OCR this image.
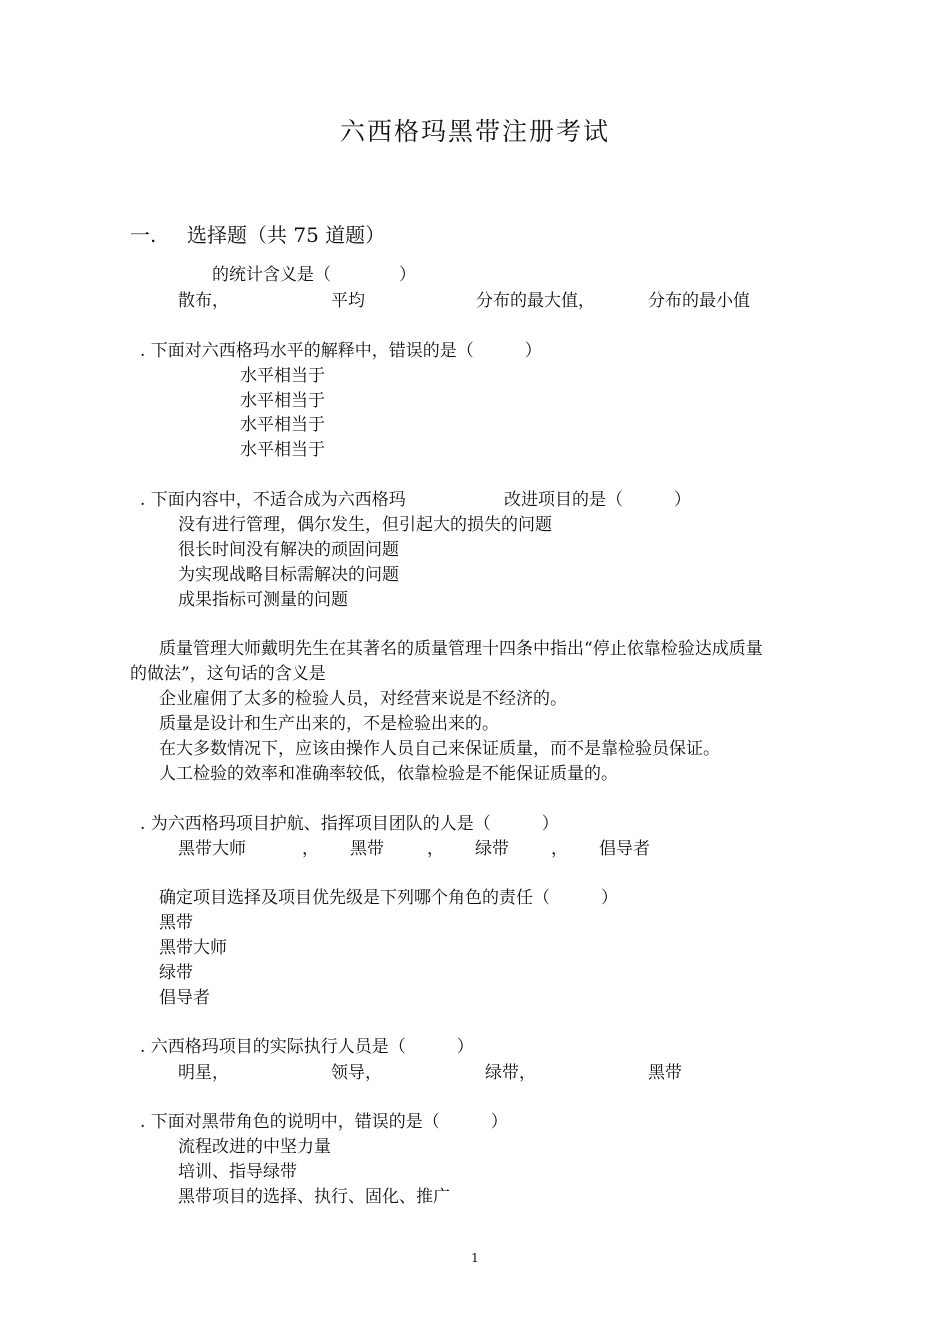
六西格玛黑带注册考试
一. 选择题（共 75 道题）
的统计含义是（　　　　）
散布，	平均	分布的最大值，	分布的最小值
. 下面对六西格玛水平的解释中，错误的是（　　　）
水平相当于
水平相当于
水平相当于
水平相当于
. 下面内容中，不适合成为六西格玛	改进项目的是（　　　）
没有进行管理，偶尔发生，但引起大的损失的问题
很长时间没有解决的顽固问题
为实现战略目标需解决的问题
成果指标可测量的问题
质量管理大师戴明先生在其著名的质量管理十四条中指出“停止依靠检验达成质量
的做法”，这句话的含义是
企业雇佣了太多的检验人员，对经营来说是不经济的。
质量是设计和生产出来的，不是检验出来的。
在大多数情况下，应该由操作人员自己来保证质量，而不是靠检验员保证。
人工检验的效率和准确率较低，依靠检验是不能保证质量的。
. 为六西格玛项目护航、指挥项目团队的人是（　　　）
黑带大师	， 黑带	， 绿带 ， 倡导者
确定项目选择及项目优先级是下列哪个角色的责任（　　　）
黑带
黑带大师
绿带
倡导者
. 六西格玛项目的实际执行人员是（　　　）
明星，	领导，	绿带，	黑带
. 下面对黑带角色的说明中，错误的是（　　　）
流程改进的中坚力量
培训、指导绿带
黑带项目的选择、执行、固化、推广
1
